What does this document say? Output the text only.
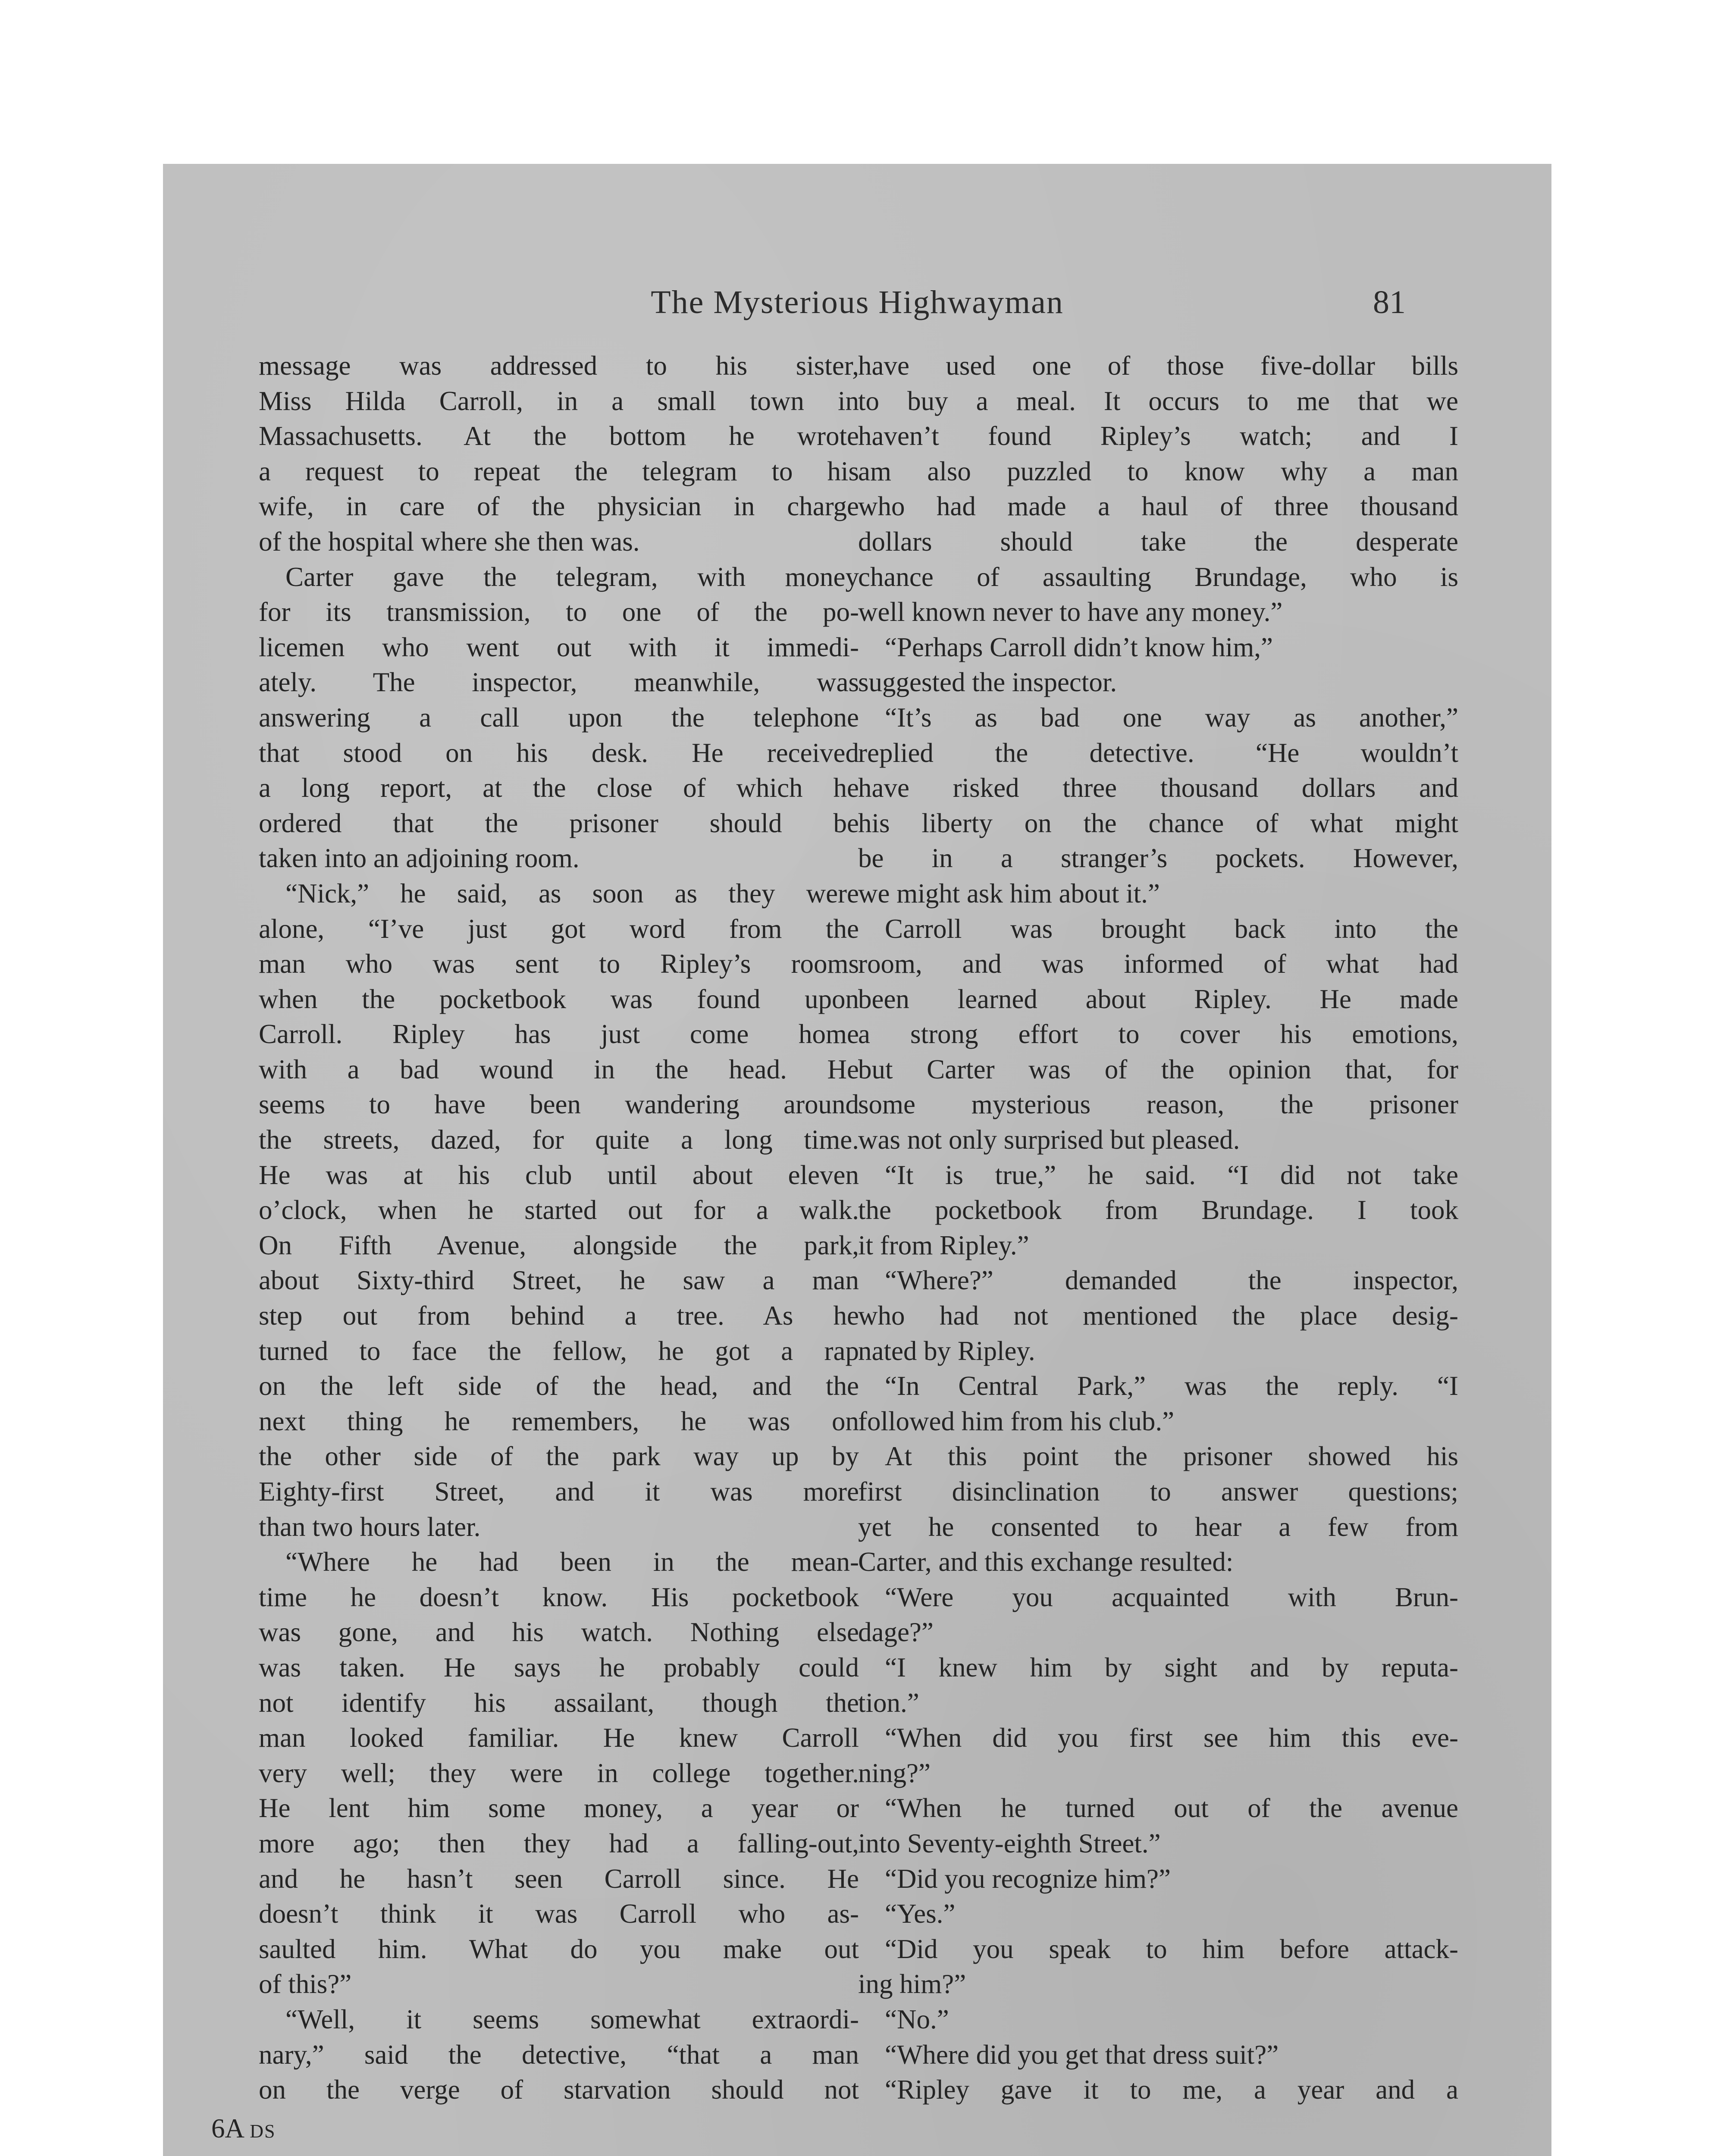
The Mysterious Highwayman	81
message was addressed to his sister,
Miss Hilda Carroll, in a small town in
Massachusetts. At the bottom he wrote
a request to repeat the telegram to his
wife, in care of the physician in charge
of the hospital where she then was.
Carter gave the telegram, with money
for its transmission, to one of the po-
licemen who went out with it immedi-
ately. The inspector, meanwhile, was
answering a call upon the telephone
that stood on his desk. He received
a long report, at the close of which he
ordered that the prisoner should be
taken into an adjoining room.
“Nick,” he said, as soon as they were
alone, “I’ve just got word from the
man who was sent to Ripley’s rooms
when the pocketbook was found upon
Carroll. Ripley has just come home
with a bad wound in the head. He
seems to have been wandering around
the streets, dazed, for quite a long time.
He was at his club until about eleven
o’clock, when he started out for a walk.
On Fifth Avenue, alongside the park,
about Sixty-third Street, he saw a man
step out from behind a tree. As he
turned to face the fellow, he got a rap
on the left side of the head, and the
next thing he remembers, he was on
the other side of the park way up by
Eighty-first Street, and it was more
than two hours later.
“Where he had been in the mean-
time he doesn’t know. His pocketbook
was gone, and his watch. Nothing else
was taken. He says he probably could
not identify his assailant, though the
man looked familiar. He knew Carroll
very well; they were in college together.
He lent him some money, a year or
more ago; then they had a falling-out,
and he hasn’t seen Carroll since. He
doesn’t think it was Carroll who as-
saulted him. What do you make out
of this?”
“Well, it seems somewhat extraordi-
nary,” said the detective, “that a man
on the verge of starvation should not
have used one of those five-dollar bills
to buy a meal. It occurs to me that we
haven’t found Ripley’s watch; and I
am also puzzled to know why a man
who had made a haul of three thousand
dollars should take the desperate
chance of assaulting Brundage, who is
well known never to have any money.”
“Perhaps Carroll didn’t know him,”
suggested the inspector.
“It’s as bad one way as another,”
replied the detective. “He wouldn’t
have risked three thousand dollars and
his liberty on the chance of what might
be in a stranger’s pockets. However,
we might ask him about it.”
Carroll was brought back into the
room, and was informed of what had
been learned about Ripley. He made
a strong effort to cover his emotions,
but Carter was of the opinion that, for
some mysterious reason, the prisoner
was not only surprised but pleased.
“It is true,” he said. “I did not take
the pocketbook from Brundage. I took
it from Ripley.”
“Where?” demanded the inspector,
who had not mentioned the place desig-
nated by Ripley.
“In Central Park,” was the reply. “I
followed him from his club.”
At this point the prisoner showed his
first disinclination to answer questions;
yet he consented to hear a few from
Carter, and this exchange resulted:
“Were you acquainted with Brun-
dage?”
“I knew him by sight and by reputa-
tion.”
“When did you first see him this eve-
ning?”
“When he turned out of the avenue
into Seventy-eighth Street.”
“Did you recognize him?”
“Yes.”
“Did you speak to him before attack-
ing him?”
“No.”
“Where did you get that dress suit?”
“Ripley gave it to me, a year and a
6A DS
